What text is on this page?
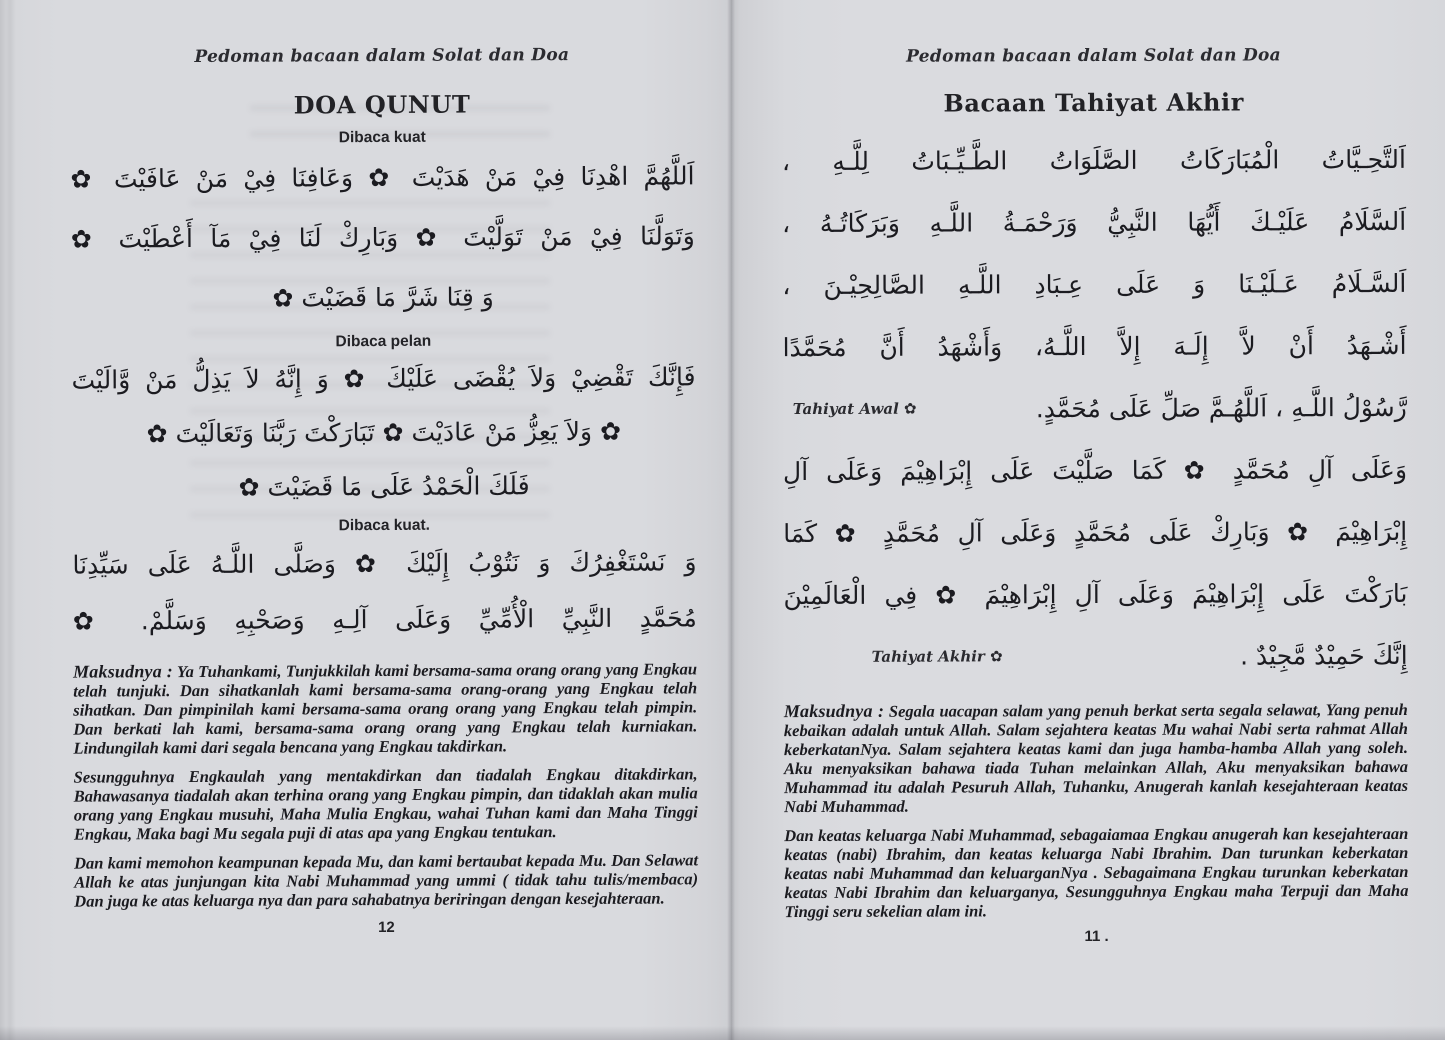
Pedoman bacaan dalam Solat dan Doa
DOA QUNUT
Dibaca kuat
اَللَّهُمَّ اهْدِنَا فِيْ مَنْ هَدَيْتَ ✿ وَعَافِنَا فِيْ مَنْ عَافَيْتَ ✿
وَتَوَلَّنَا فِيْ مَنْ تَوَلَّيْتَ ✿ وَبَارِكْ لَنَا فِيْ مَآ أَعْطَيْتَ ✿
وَ قِنَا شَرَّ مَا قَضَيْتَ ✿
Dibaca pelan
فَإِنَّكَ تَقْضِيْ وَلاَ يُقْضَى عَلَيْكَ ✿ وَ إِنَّهُ لاَ يَذِلُّ مَنْ وَّالَيْتَ
✿ وَلاَ يَعِزُّ مَنْ عَادَيْتَ ✿ تَبَارَكْتَ رَبَّنَا وَتَعَالَيْتَ ✿
فَلَكَ الْحَمْدُ عَلَى مَا قَضَيْتَ ✿
Dibaca kuat.
وَ نَسْتَغْفِرُكَ وَ نَتُوْبُ إِلَيْكَ ✿ وَصَلَّى اللَّـهُ عَلَى سَيِّدِنَا
مُحَمَّدٍ النَّبِيِّ الْأُمِّيِّ وَعَلَى آلِـهِ وَصَحْبِهِ وَسَلَّمْ. ✿

Maksudnya : Ya Tuhankami, Tunjukkilah kami bersama-sama orang orang yang Engkau telah tunjuki. Dan sihatkanlah kami bersama-sama orang-orang yang Engkau telah sihatkan. Dan pimpinilah kami bersama-sama orang orang yang Engkau telah pimpin. Dan berkati lah kami, bersama-sama orang orang yang Engkau telah kurniakan. Lindungilah kami dari segala bencana yang Engkau takdirkan.

Sesungguhnya Engkaulah yang mentakdirkan dan tiadalah Engkau ditakdirkan, Bahawasanya tiadalah akan terhina orang yang Engkau pimpin, dan tidaklah akan mulia orang yang Engkau musuhi, Maha Mulia Engkau, wahai Tuhan kami dan Maha Tinggi Engkau, Maka bagi Mu segala puji di atas apa yang Engkau tentukan.

Dan kami memohon keampunan kepada Mu, dan kami bertaubat kepada Mu. Dan Selawat Allah ke atas junjungan kita Nabi Muhammad yang ummi ( tidak tahu tulis/membaca) Dan juga ke atas keluarga nya dan para sahabatnya beriringan dengan kesejahteraan.

12
Pedoman bacaan dalam Solat dan Doa
Bacaan Tahiyat Akhir
اَلتَّحِـيَّاتُ الْمُبَارَكَاتُ الصَّلَوَاتُ الطَّـيِّـبَاتُ لِلَّـهِ ،
اَلسَّلَامُ عَلَيْـكَ أَيُّهَا النَّبِيُّ وَرَحْمَـةُ اللَّـهِ وَبَرَكَاتُـهُ ،
اَلسَّـلَامُ عَـلَيْـنَا وَ عَلَى عِـبَادِ اللَّـهِ الصَّالِحِيْـنَ ،
أَشْـهَدُ أَنْ لاَّ إِلَـهَ إِلاَّ اللَّـهُ، وَأَشْهَدُ أَنَّ مُحَمَّدًا
Tahiyat Awal ✿	رَّسُوْلُ اللَّـهِ ، اَللَّهُـمَّ صَلِّ عَلَى مُحَمَّدٍ.
وَعَلَى آلِ مُحَمَّدٍ ✿ كَمَا صَلَّيْتَ عَلَى إِبْرَاهِيْمَ وَعَلَى آلِ
إِبْرَاهِيْمَ ✿ وَبَارِكْ عَلَى مُحَمَّدٍ وَعَلَى آلِ مُحَمَّدٍ ✿ كَمَا
بَارَكْتَ عَلَى إِبْرَاهِيْمَ وَعَلَى آلِ إِبْرَاهِيْمَ ✿ فِي الْعَالَمِيْنَ
Tahiyat Akhir ✿	إِنَّكَ حَمِيْدٌ مَّجِيْدٌ .

Maksudnya : Segala uacapan salam yang penuh berkat serta segala selawat, Yang penuh kebaikan adalah untuk Allah. Salam sejahtera keatas Mu wahai Nabi serta rahmat Allah keberkatanNya. Salam sejahtera keatas kami dan juga hamba-hamba Allah yang soleh. Aku menyaksikan bahawa tiada Tuhan melainkan Allah, Aku menyaksikan bahawa Muhammad itu adalah Pesuruh Allah, Tuhanku, Anugerah kanlah kesejahteraan keatas Nabi Muhammad.

Dan keatas keluarga Nabi Muhammad, sebagaiamaa Engkau anugerah kan kesejahteraan keatas (nabi) Ibrahim, dan keatas keluarga Nabi Ibrahim. Dan turunkan keberkatan keatas nabi Muhammad dan keluarganNya . Sebagaimana Engkau turunkan keberkatan keatas Nabi Ibrahim dan keluarganya, Sesungguhnya Engkau maha Terpuji dan Maha Tinggi seru sekelian alam ini.

11 .
